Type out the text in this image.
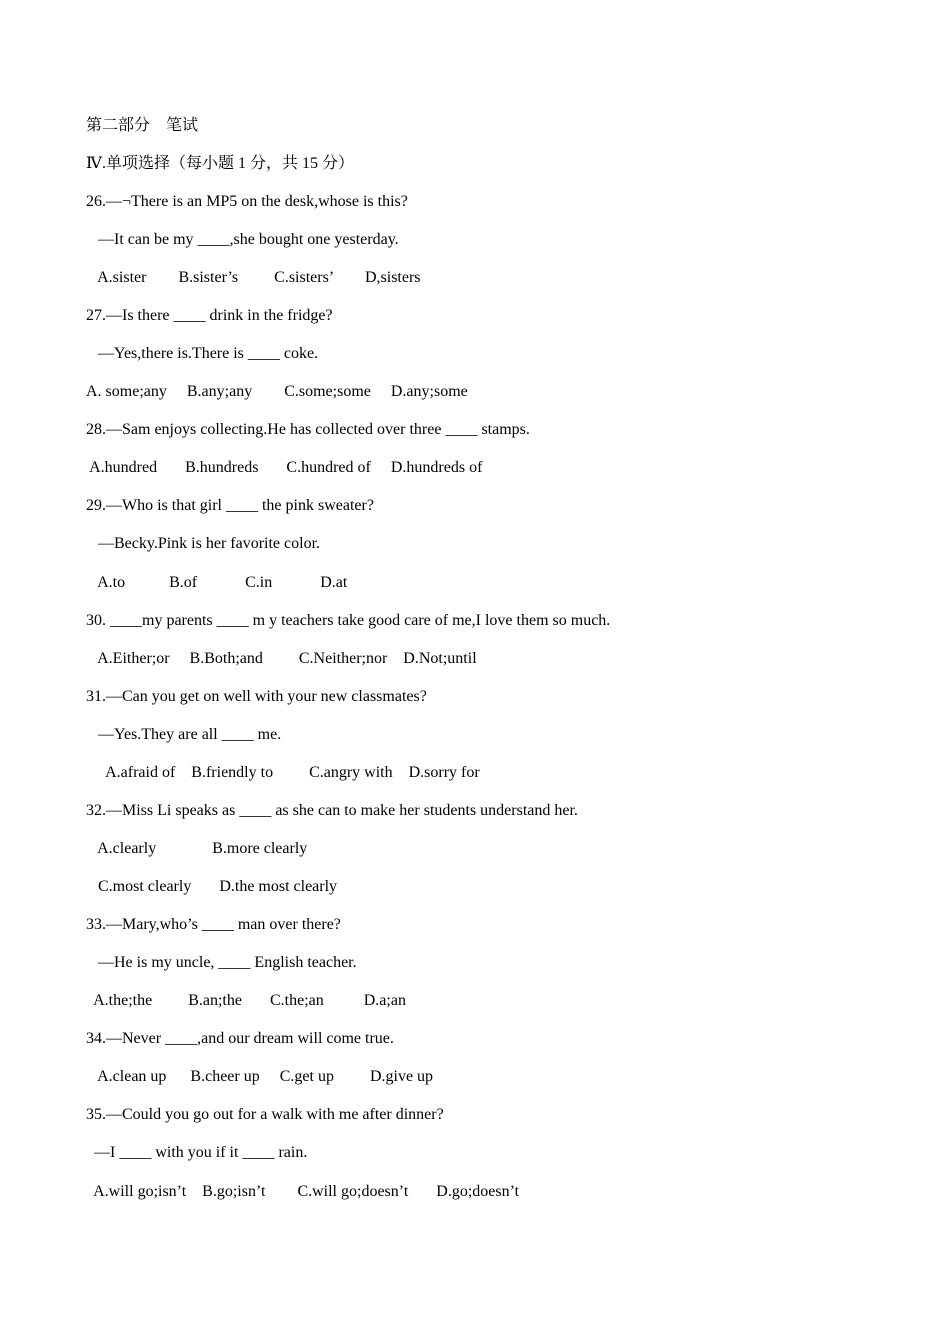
第二部分　笔试
Ⅳ.单项选择（每小题 1 分，共 15 分）
26.—¬There is an MP5 on the desk,whose is this?
—It can be my ____,she bought one yesterday.
A.sister        B.sister’s         C.sisters’        D,sisters
27.—Is there ____ drink in the fridge?
—Yes,there is.There is ____ coke.
A. some;any     B.any;any        C.some;some     D.any;some
28.—Sam enjoys collecting.He has collected over three ____ stamps.
A.hundred       B.hundreds       C.hundred of     D.hundreds of
29.—Who is that girl ____ the pink sweater?
—Becky.Pink is her favorite color.
A.to           B.of            C.in            D.at
30. ____my parents ____ m y teachers take good care of me,I love them so much.
A.Either;or     B.Both;and         C.Neither;nor    D.Not;until
31.—Can you get on well with your new classmates?
—Yes.They are all ____ me.
A.afraid of    B.friendly to         C.angry with    D.sorry for
32.—Miss Li speaks as ____ as she can to make her students understand her.
A.clearly              B.more clearly
C.most clearly       D.the most clearly
33.—Mary,who’s ____ man over there?
—He is my uncle, ____ English teacher.
A.the;the         B.an;the       C.the;an          D.a;an
34.—Never ____,and our dream will come true.
A.clean up      B.cheer up     C.get up         D.give up
35.—Could you go out for a walk with me after dinner?
—I ____ with you if it ____ rain.
A.will go;isn’t    B.go;isn’t        C.will go;doesn’t       D.go;doesn’t
